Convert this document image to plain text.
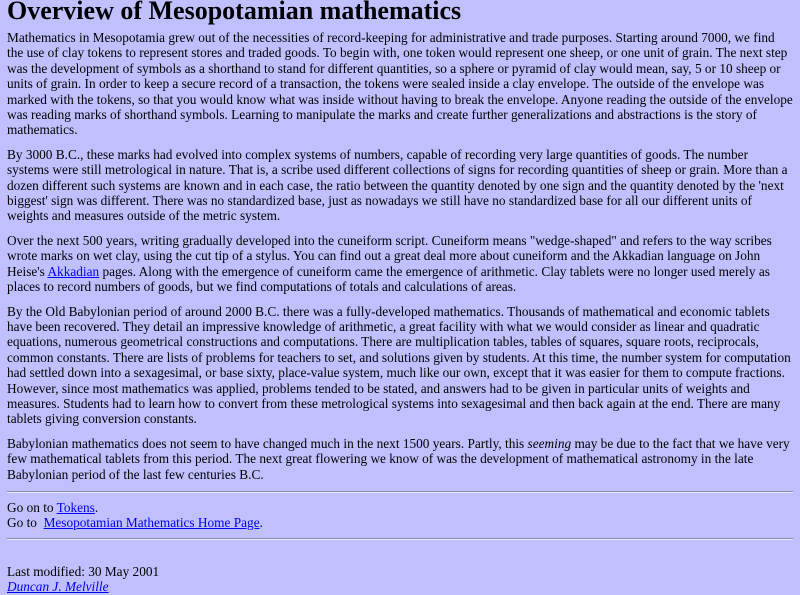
Overview of Mesopotamian mathematics

Mathematics in Mesopotamia grew out of the necessities of record-keeping for administrative and trade purposes. Starting around 7000, we find the use of clay tokens to represent stores and traded goods. To begin with, one token would represent one sheep, or one unit of grain. The next step was the development of symbols as a shorthand to stand for different quantities, so a sphere or pyramid of clay would mean, say, 5 or 10 sheep or units of grain. In order to keep a secure record of a transaction, the tokens were sealed inside a clay envelope. The outside of the envelope was marked with the tokens, so that you would know what was inside without having to break the envelope. Anyone reading the outside of the envelope was reading marks of shorthand symbols. Learning to manipulate the marks and create further generalizations and abstractions is the story of mathematics.

By 3000 B.C., these marks had evolved into complex systems of numbers, capable of recording very large quantities of goods. The number systems were still metrological in nature. That is, a scribe used different collections of signs for recording quantities of sheep or grain. More than a dozen different such systems are known and in each case, the ratio between the quantity denoted by one sign and the quantity denoted by the 'next biggest' sign was different. There was no standardized base, just as nowadays we still have no standardized base for all our different units of weights and measures outside of the metric system.

Over the next 500 years, writing gradually developed into the cuneiform script. Cuneiform means "wedge-shaped" and refers to the way scribes wrote marks on wet clay, using the cut tip of a stylus. You can find out a great deal more about cuneiform and the Akkadian language on John Heise's Akkadian pages. Along with the emergence of cuneiform came the emergence of arithmetic. Clay tablets were no longer used merely as places to record numbers of goods, but we find computations of totals and calculations of areas.

By the Old Babylonian period of around 2000 B.C. there was a fully-developed mathematics. Thousands of mathematical and economic tablets have been recovered. They detail an impressive knowledge of arithmetic, a great facility with what we would consider as linear and quadratic equations, numerous geometrical constructions and computations. There are multiplication tables, tables of squares, square roots, reciprocals, common constants. There are lists of problems for teachers to set, and solutions given by students. At this time, the number system for computation had settled down into a sexagesimal, or base sixty, place-value system, much like our own, except that it was easier for them to compute fractions. However, since most mathematics was applied, problems tended to be stated, and answers had to be given in particular units of weights and measures. Students had to learn how to convert from these metrological systems into sexagesimal and then back again at the end. There are many tablets giving conversion constants.

Babylonian mathematics does not seem to have changed much in the next 1500 years. Partly, this seeming may be due to the fact that we have very few mathematical tablets from this period. The next great flowering we know of was the development of mathematical astronomy in the late Babylonian period of the last few centuries B.C.

Go on to Tokens.
Go to  Mesopotamian Mathematics Home Page.
Last modified: 30 May 2001
Duncan J. Melville
